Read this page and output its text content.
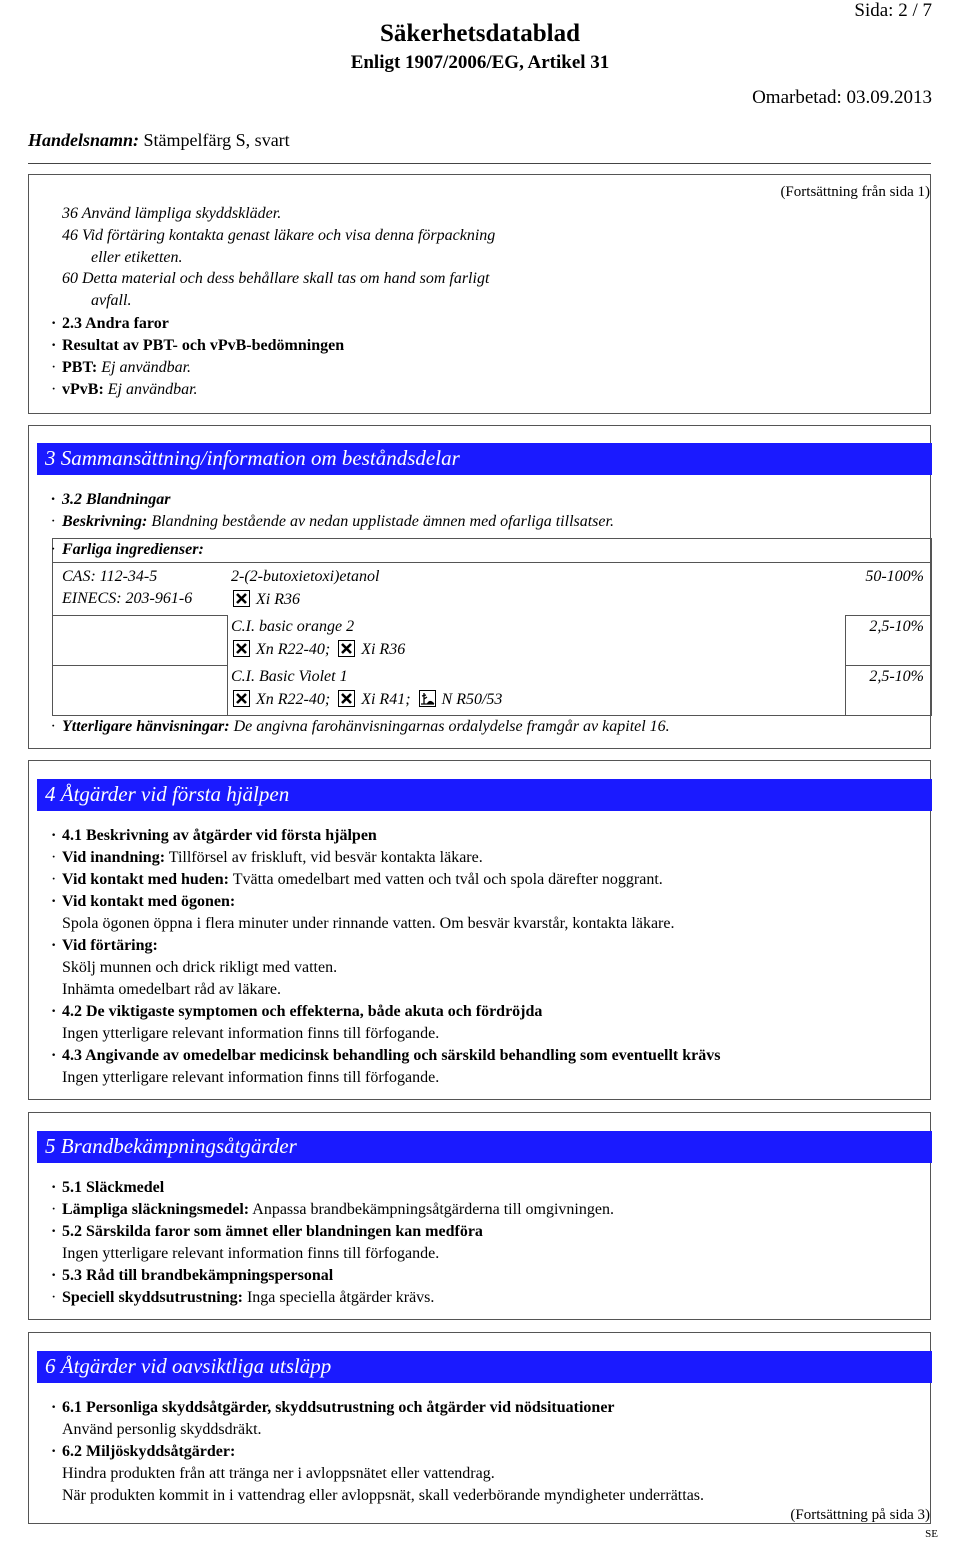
Sida: 2 / 7
Säkerhetsdatablad
Enligt 1907/2006/EG, Artikel 31
Omarbetad: 03.09.2013
Handelsnamn: Stämpelfärg S, svart
(Fortsättning från sida 1)
36 Använd lämpliga skyddskläder.
46 Vid förtäring kontakta genast läkare och visa denna förpackning
eller etiketten.
60 Detta material och dess behållare skall tas om hand som farligt
avfall.
· 2.3 Andra faror
· Resultat av PBT- och vPvB-bedömningen
· PBT: Ej användbar.
· vPvB: Ej användbar.
3 Sammansättning/information om beståndsdelar
· 3.2 Blandningar
· Beskrivning: Blandning bestående av nedan upplistade ämnen med ofarliga tillsatser.
· Farliga ingredienser:
CAS: 112-34-5
EINECS: 203-961-6
2-(2-butoxietoxi)etanol
Xi R36
50-100%
C.I. basic orange 2
Xn R22-40; Xi R36
2,5-10%
C.I. Basic Violet 1
Xn R22-40; Xi R41; N R50/53
2,5-10%
· Ytterligare hänvisningar: De angivna farohänvisningarnas ordalydelse framgår av kapitel 16.
4 Åtgärder vid första hjälpen
· 4.1 Beskrivning av åtgärder vid första hjälpen
· Vid inandning: Tillförsel av friskluft, vid besvär kontakta läkare.
· Vid kontakt med huden: Tvätta omedelbart med vatten och tvål och spola därefter noggrant.
· Vid kontakt med ögonen:
Spola ögonen öppna i flera minuter under rinnande vatten. Om besvär kvarstår, kontakta läkare.
· Vid förtäring:
Skölj munnen och drick rikligt med vatten.
Inhämta omedelbart råd av läkare.
· 4.2 De viktigaste symptomen och effekterna, både akuta och fördröjda
Ingen ytterligare relevant information finns till förfogande.
· 4.3 Angivande av omedelbar medicinsk behandling och särskild behandling som eventuellt krävs
Ingen ytterligare relevant information finns till förfogande.
5 Brandbekämpningsåtgärder
· 5.1 Släckmedel
· Lämpliga släckningsmedel: Anpassa brandbekämpningsåtgärderna till omgivningen.
· 5.2 Särskilda faror som ämnet eller blandningen kan medföra
Ingen ytterligare relevant information finns till förfogande.
· 5.3 Råd till brandbekämpningspersonal
· Speciell skyddsutrustning: Inga speciella åtgärder krävs.
6 Åtgärder vid oavsiktliga utsläpp
· 6.1 Personliga skyddsåtgärder, skyddsutrustning och åtgärder vid nödsituationer
Använd personlig skyddsdräkt.
· 6.2 Miljöskyddsåtgärder:
Hindra produkten från att tränga ner i avloppsnätet eller vattendrag.
När produkten kommit in i vattendrag eller avloppsnät, skall vederbörande myndigheter underrättas.
(Fortsättning på sida 3)
SE
